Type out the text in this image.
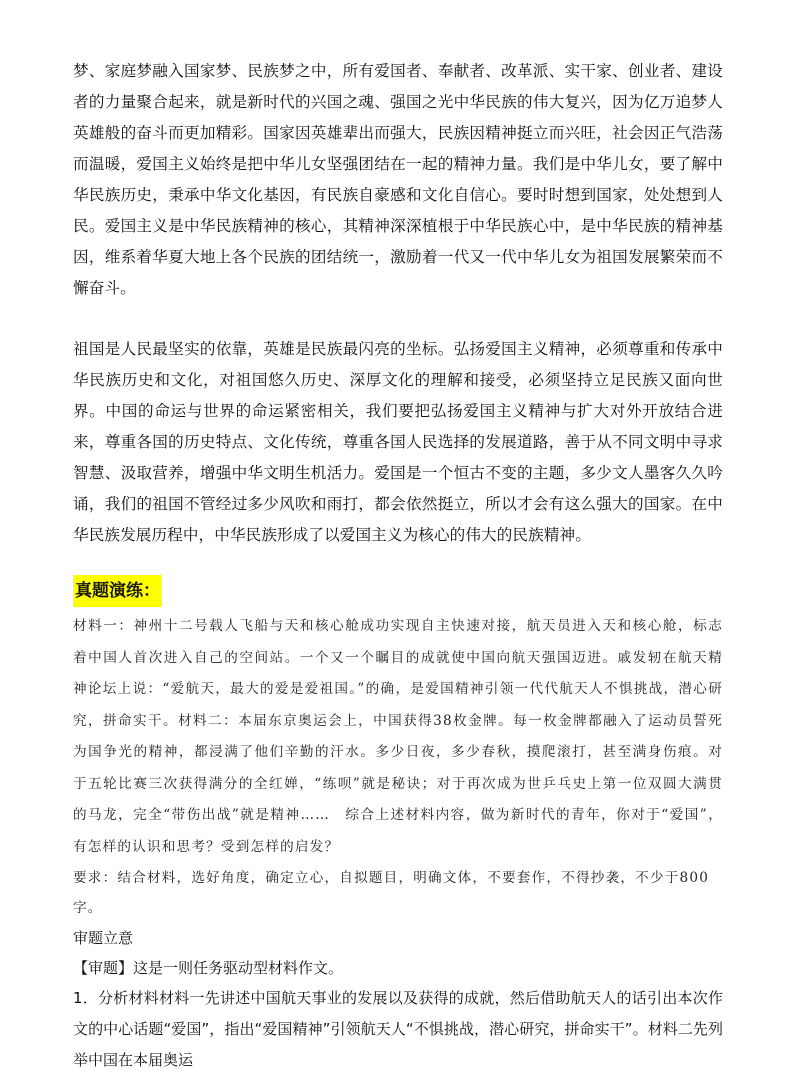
梦、家庭梦融入国家梦、民族梦之中，所有爱国者、奉献者、改革派、实干家、创业者、建设者的力量聚合起来，就是新时代的兴国之魂、强国之光中华民族的伟大复兴，因为亿万追梦人英雄般的奋斗而更加精彩。国家因英雄辈出而强大，民族因精神挺立而兴旺，社会因正气浩荡而温暖，爱国主义始终是把中华儿女坚强团结在一起的精神力量。我们是中华儿女，要了解中华民族历史，秉承中华文化基因，有民族自豪感和文化自信心。要时时想到国家，处处想到人民。爱国主义是中华民族精神的核心，其精神深深植根于中华民族心中，是中华民族的精神基因，维系着华夏大地上各个民族的团结统一，激励着一代又一代中华儿女为祖国发展繁荣而不懈奋斗。

祖国是人民最坚实的依靠，英雄是民族最闪亮的坐标。弘扬爱国主义精神，必须尊重和传承中华民族历史和文化，对祖国悠久历史、深厚文化的理解和接受，必须坚持立足民族又面向世界。中国的命运与世界的命运紧密相关，我们要把弘扬爱国主义精神与扩大对外开放结合进来，尊重各国的历史特点、文化传统，尊重各国人民选择的发展道路，善于从不同文明中寻求智慧、汲取营养，增强中华文明生机活力。爱国是一个恒古不变的主题，多少文人墨客久久吟诵，我们的祖国不管经过多少风吹和雨打，都会依然挺立，所以才会有这么强大的国家。在中华民族发展历程中，中华民族形成了以爱国主义为核心的伟大的民族精神。

真题演练：

材料一：神州十二号载人飞船与天和核心舱成功实现自主快速对接，航天员进入天和核心舱，标志着中国人首次进入自己的空间站。一个又一个瞩目的成就使中国向航天强国迈进。戚发轫在航天精神论坛上说：“爱航天，最大的爱是爱祖国。”的确，是爱国精神引领一代代航天人不惧挑战，潜心研究，拼命实干。材料二：本届东京奥运会上，中国获得38枚金牌。每一枚金牌都融入了运动员誓死为国争光的精神，都浸满了他们辛勤的汗水。多少日夜，多少春秋，摸爬滚打，甚至满身伤痕。对于五轮比赛三次获得满分的全红婵，“练呗”就是秘诀；对于再次成为世乒乓史上第一位双圆大满贯的马龙，完全“带伤出战”就是精神……　综合上述材料内容，做为新时代的青年，你对于“爱国”，有怎样的认识和思考？受到怎样的启发？

要求：结合材料，选好角度，确定立心，自拟题目，明确文体，不要套作，不得抄袭，不少于800字。

审题立意

【审题】这是一则任务驱动型材料作文。

1．分析材料材料一先讲述中国航天事业的发展以及获得的成就，然后借助航天人的话引出本次作文的中心话题“爱国”，指出“爱国精神”引领航天人“不惧挑战，潜心研究，拼命实干”。材料二先列举中国在本届奥运
